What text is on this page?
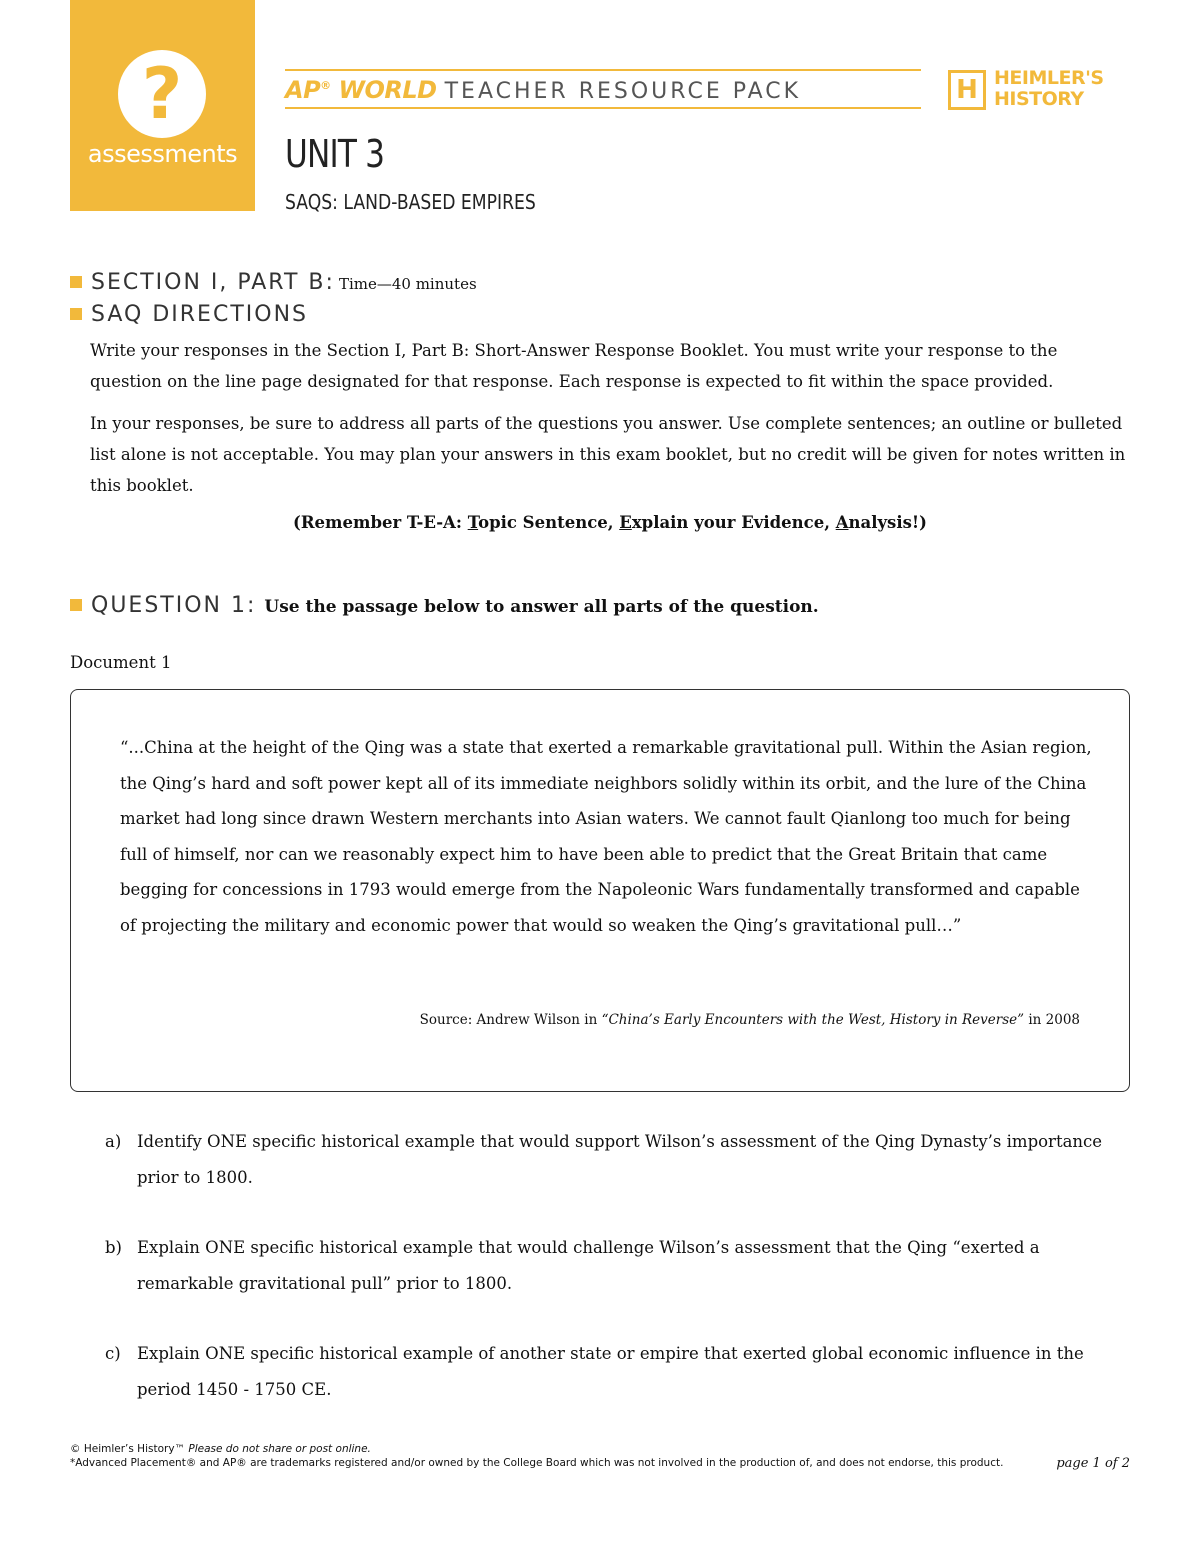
?
assessments
AP® WORLD TEACHER RESOURCE PACK	H HEIMLER'S
HISTORY
UNIT 3
SAQS: LAND-BASED EMPIRES
SECTION I, PART B: Time—40 minutes
SAQ DIRECTIONS

Write your responses in the Section I, Part B: Short-Answer Response Booklet. You must write your response to the question on the line page designated for that response. Each response is expected to fit within the space provided.

In your responses, be sure to address all parts of the questions you answer. Use complete sentences; an outline or bulleted list alone is not acceptable. You may plan your answers in this exam booklet, but no credit will be given for notes written in this booklet.

(Remember T-E-A: Topic Sentence, Explain your Evidence, Analysis!)
QUESTION 1: Use the passage below to answer all parts of the question.
Document 1

“...China at the height of the Qing was a state that exerted a remarkable gravitational pull. Within the Asian region, the Qing’s hard and soft power kept all of its immediate neighbors solidly within its orbit, and the lure of the China market had long since drawn Western merchants into Asian waters. We cannot fault Qianlong too much for being full of himself, nor can we reasonably expect him to have been able to predict that the Great Britain that came begging for concessions in 1793 would emerge from the Napoleonic Wars fundamentally transformed and capable of projecting the military and economic power that would so weaken the Qing’s gravitational pull…”

Source: Andrew Wilson in “China’s Early Encounters with the West, History in Reverse” in 2008
a) Identify ONE specific historical example that would support Wilson’s assessment of the Qing Dynasty’s importance prior to 1800.
b) Explain ONE specific historical example that would challenge Wilson’s assessment that the Qing “exerted a remarkable gravitational pull” prior to 1800.
c) Explain ONE specific historical example of another state or empire that exerted global economic influence in the period 1450 - 1750 CE.
© Heimler’s History™ Please do not share or post online.
*Advanced Placement® and AP® are trademarks registered and/or owned by the College Board which was not involved in the production of, and does not endorse, this product.	page 1 of 2
